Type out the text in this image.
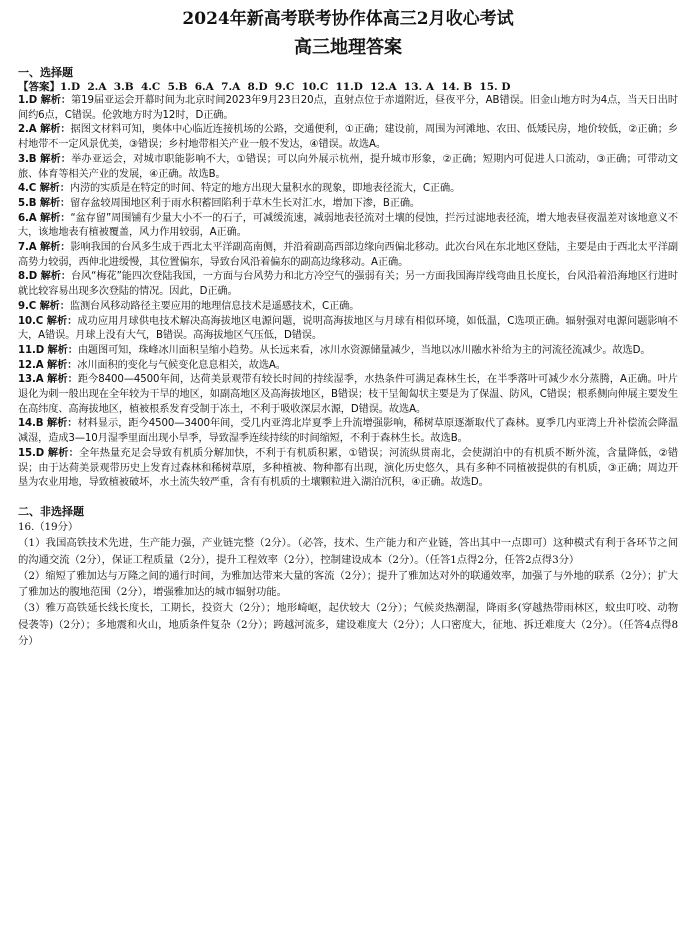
2024年新高考联考协作体高三2月收心考试
高三地理答案
一、选择题
【答案】1.D  2.A  3.B  4.C  5.B  6.A  7.A  8.D  9.C  10.C  11.D  12.A  13. A  14. B  15. D

1.D 解析：第19届亚运会开幕时间为北京时间2023年9月23日20点，直射点位于赤道附近，昼夜平分，AB错误。旧金山地方时为4点，当天日出时间约6点，C错误。伦敦地方时为12时，D正确。

2.A 解析：据图文材料可知，奥体中心临近连接机场的公路，交通便利，①正确；建设前，周围为河滩地、农田、低矮民房，地价较低，②正确；乡村地带不一定风景优美，③错误；乡村地带相关产业一般不发达，④错误。故选A。

3.B 解析：举办亚运会，对城市职能影响不大，①错误；可以向外展示杭州，提升城市形象，②正确；短期内可促进人口流动，③正确；可带动文旅、体育等相关产业的发展，④正确。故选B。

4.C 解析：内涝的实质是在特定的时间、特定的地方出现大量积水的现象，即地表径流大，C正确。

5.B 解析：留存盆较周围地区利于雨水积蓄回陷利于草木生长对汇水，增加下渗，B正确。

6.A 解析：“盆存留”周围铺有少量大小不一的石子，可减缓流速，减弱地表径流对土壤的侵蚀，拦污过滤地表径流，增大地表昼夜温差对该地意义不大，该地地表有植被覆盖，风力作用较弱，A正确。

7.A 解析：影响我国的台风多生成于西北太平洋副高南侧，并沿着副高西部边缘向西偏北移动。此次台风在东北地区登陆，主要是由于西北太平洋副高势力较弱，西伸北进缓慢，其位置偏东，导致台风沿着偏东的副高边缘移动。A正确。

8.D 解析：台风“梅花”能四次登陆我国，一方面与台风势力和北方冷空气的强弱有关；另一方面我国海岸线弯曲且长度长，台风沿着沿海地区行进时就比较容易出现多次登陆的情况。因此，D正确。

9.C 解析：监测台风移动路径主要应用的地理信息技术是遥感技术，C正确。

10.C 解析：成功应用月球供电技术解决高海拔地区电源问题，说明高海拔地区与月球有相似环境，如低温，C选项正确。辐射强对电源问题影响不大，A错误。月球上没有大气，B错误。高海拔地区气压低，D错误。

11.D 解析：由题图可知，珠峰冰川面积呈缩小趋势。从长远来看，冰川水资源储量减少，当地以冰川融水补给为主的河流径流减少。故选D。

12.A 解析：冰川面积的变化与气候变化息息相关，故选A。

13.A 解析：距今8400—4500年间，达荷美景观带有较长时间的持续湿季，水热条件可满足森林生长，在半季落叶可减少水分蒸腾，A正确。叶片退化为刺一般出现在全年较为干旱的地区，如副高地区及高海拔地区，B错误；枝干呈匍匐状主要是为了保温、防风，C错误；根系侧向伸展主要发生在高纬度、高海拔地区，植被根系发育受制于冻土，不利于吸收深层水源，D错误。故选A。

14.B 解析：材料显示，距今4500—3400年间，受几内亚湾北岸夏季上升流增强影响，稀树草原逐渐取代了森林。夏季几内亚湾上升补偿流会降温减湿，造成3—10月湿季里面出现小旱季，导致湿季连续持续的时间缩短，不利于森林生长。故选B。

15.D 解析：全年热量充足会导致有机质分解加快，不利于有机质积累，①错误；河流纵贯南北，会使湖泊中的有机质不断外流，含量降低，②错误；由于达荷美景观带历史上发育过森林和稀树草原，多种植被、物种都有出现，演化历史悠久，具有多种不同植被提供的有机质，③正确；周边开垦为农业用地，导致植被破坏，水土流失较严重，含有有机质的土壤颗粒进入湖泊沉积，④正确。故选D。

二、非选择题

16.（19分）

（1）我国高铁技术先进，生产能力强，产业链完整（2分）。（必答，技术、生产能力和产业链，答出其中一点即可）这种模式有利于各环节之间的沟通交流（2分），保证工程质量（2分），提升工程效率（2分），控制建设成本（2分）。（任答1点得2分，任答2点得3分）

（2）缩短了雅加达与万隆之间的通行时间，为雅加达带来大量的客流（2分）；提升了雅加达对外的联通效率，加强了与外地的联系（2分）；扩大了雅加达的腹地范围（2分），增强雅加达的城市辐射功能。

（3）雅万高铁延长线长度长，工期长，投资大（2分）；地形崎岖，起伏较大（2分）；气候炎热潮湿，降雨多(穿越热带雨林区，蚊虫叮咬、动物侵袭等)（2分）；多地震和火山，地质条件复杂（2分）；跨越河流多，建设难度大（2分）；人口密度大，征地、拆迁难度大（2分）。（任答4点得8分）
